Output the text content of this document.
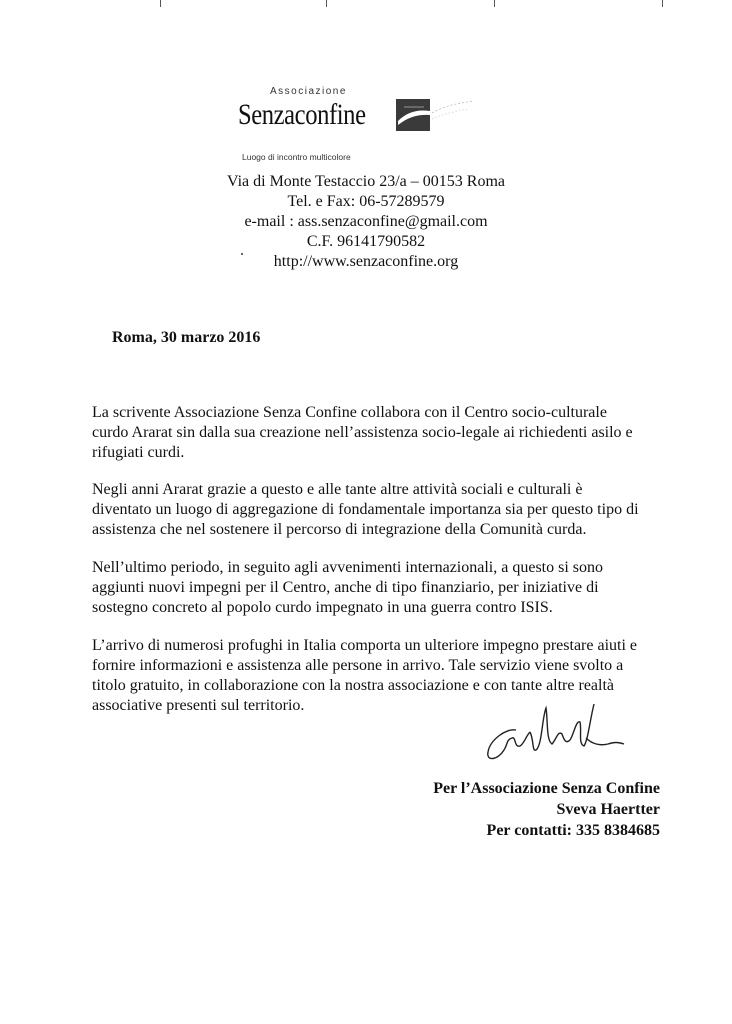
Associazione
Senzaconfine
Luogo di incontro multicolore
Via di Monte Testaccio 23/a – 00153 Roma
Tel. e Fax: 06-57289579
e-mail : ass.senzaconfine@gmail.com
C.F. 96141790582
http://www.senzaconfine.org
Roma, 30 marzo 2016
La scrivente Associazione Senza Confine collabora con il Centro socio-culturale
curdo Ararat sin dalla sua creazione nell’assistenza socio-legale ai richiedenti asilo e
rifugiati curdi.
Negli anni Ararat grazie a questo e alle tante altre attività sociali e culturali è
diventato un luogo di aggregazione di fondamentale importanza sia per questo tipo di
assistenza che nel sostenere il percorso di integrazione della Comunità curda.
Nell’ultimo periodo, in seguito agli avvenimenti internazionali, a questo si sono
aggiunti nuovi impegni per il Centro, anche di tipo finanziario, per iniziative di
sostegno concreto al popolo curdo impegnato in una guerra contro ISIS.
L’arrivo di numerosi profughi in Italia comporta un ulteriore impegno prestare aiuti e
fornire informazioni e assistenza alle persone in arrivo. Tale servizio viene svolto a
titolo gratuito, in collaborazione con la nostra associazione e con tante altre realtà
associative presenti sul territorio.
Per l’Associazione Senza Confine
Sveva Haertter
Per contatti: 335 8384685
